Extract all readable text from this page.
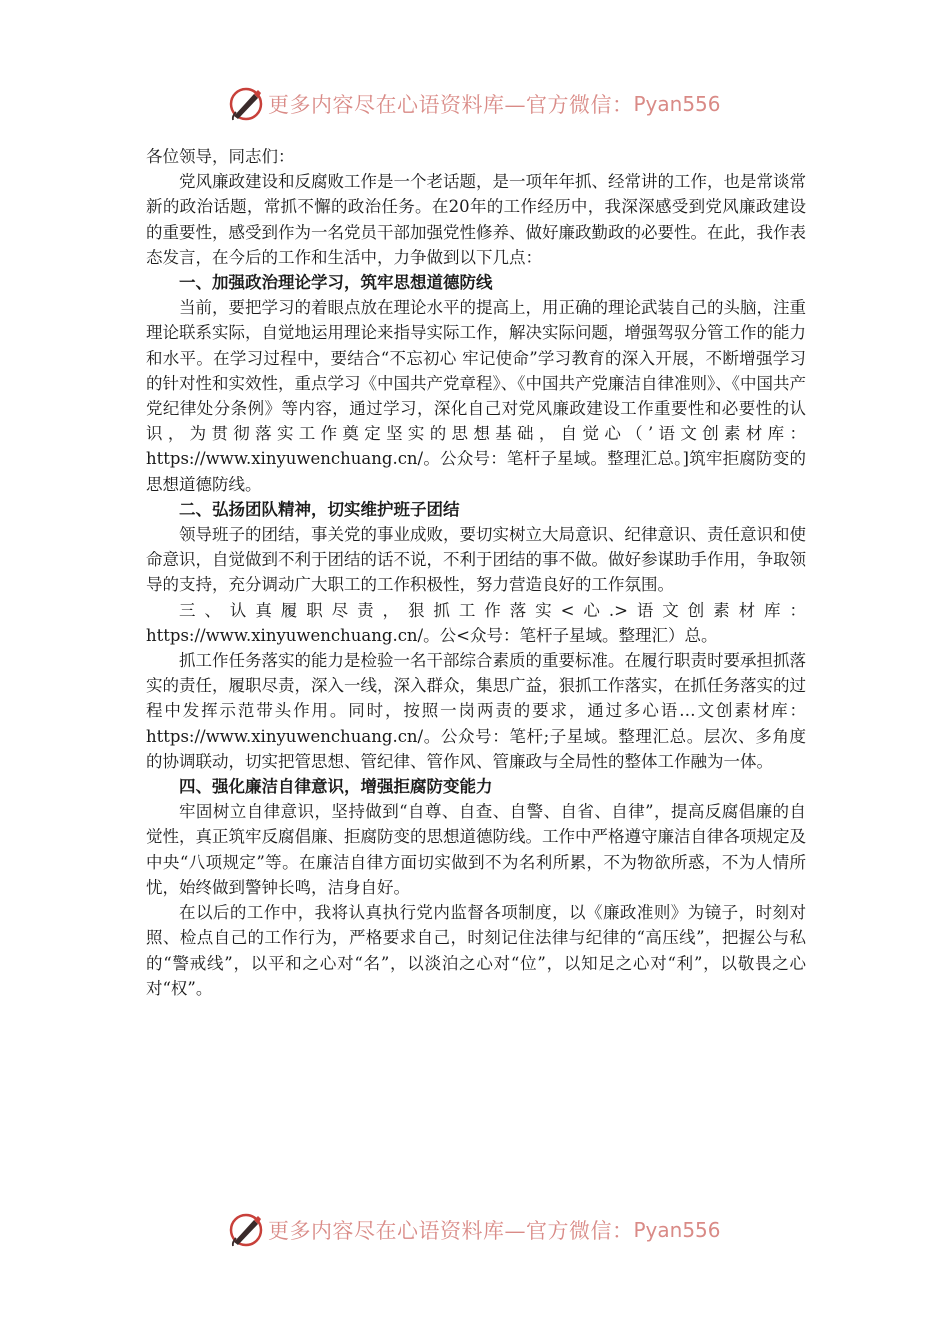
更多内容尽在心语资料库—官方微信： Pyan556

各位领导，同志们：

党风廉政建设和反腐败工作是一个老话题，是一项年年抓、经常讲的工作，也是常谈常新的政治话题，常抓不懈的政治任务。在20年的工作经历中，我深深感受到党风廉政建设的重要性，感受到作为一名党员干部加强党性修养、做好廉政勤政的必要性。在此，我作表态发言，在今后的工作和生活中，力争做到以下几点：

一、加强政治理论学习，筑牢思想道德防线

当前，要把学习的着眼点放在理论水平的提高上，用正确的理论武装自己的头脑，注重理论联系实际，自觉地运用理论来指导实际工作，解决实际问题，增强驾驭分管工作的能力和水平。在学习过程中，要结合“不忘初心 牢记使命”学习教育的深入开展，不断增强学习的针对性和实效性，重点学习《中国共产党章程》、《中国共产党廉洁自律准则》、《中国共产党纪律处分条例》等内容，通过学习，深化自己对党风廉政建设工作重要性和必要性的认识，为贯彻落实工作奠定坚实的思想基础，自觉心（’语文创素材库：https://www.xinyuwenchuang.cn/。公众号：笔杆子星域。整理汇总。]筑牢拒腐防变的思想道德防线。

二、弘扬团队精神，切实维护班子团结

领导班子的团结，事关党的事业成败，要切实树立大局意识、纪律意识、责任意识和使命意识，自觉做到不利于团结的话不说，不利于团结的事不做。做好参谋助手作用，争取领导的支持，充分调动广大职工的工作积极性，努力营造良好的工作氛围。

三、认真履职尽责，狠抓工作落实<心.>语文创素材库：https://www.xinyuwenchuang.cn/。公<众号：笔杆子星域。整理汇）总。

抓工作任务落实的能力是检验一名干部综合素质的重要标准。在履行职责时要承担抓落实的责任，履职尽责，深入一线，深入群众，集思广益，狠抓工作落实，在抓任务落实的过程中发挥示范带头作用。同时，按照一岗两责的要求，通过多心语…文创素材库：https://www.xinyuwenchuang.cn/。公众号：笔杆;子星域。整理汇总。层次、多角度的协调联动，切实把管思想、管纪律、管作风、管廉政与全局性的整体工作融为一体。

四、强化廉洁自律意识，增强拒腐防变能力

牢固树立自律意识，坚持做到“自尊、自查、自警、自省、自律”，提高反腐倡廉的自觉性，真正筑牢反腐倡廉、拒腐防变的思想道德防线。工作中严格遵守廉洁自律各项规定及中央“八项规定”等。在廉洁自律方面切实做到不为名利所累，不为物欲所惑，不为人情所忧，始终做到警钟长鸣，洁身自好。

在以后的工作中，我将认真执行党内监督各项制度，以《廉政准则》为镜子，时刻对照、检点自己的工作行为，严格要求自己，时刻记住法律与纪律的“高压线”，把握公与私的“警戒线”，以平和之心对“名”，以淡泊之心对“位”，以知足之心对“利”，以敬畏之心对“权”。

更多内容尽在心语资料库—官方微信： Pyan556
